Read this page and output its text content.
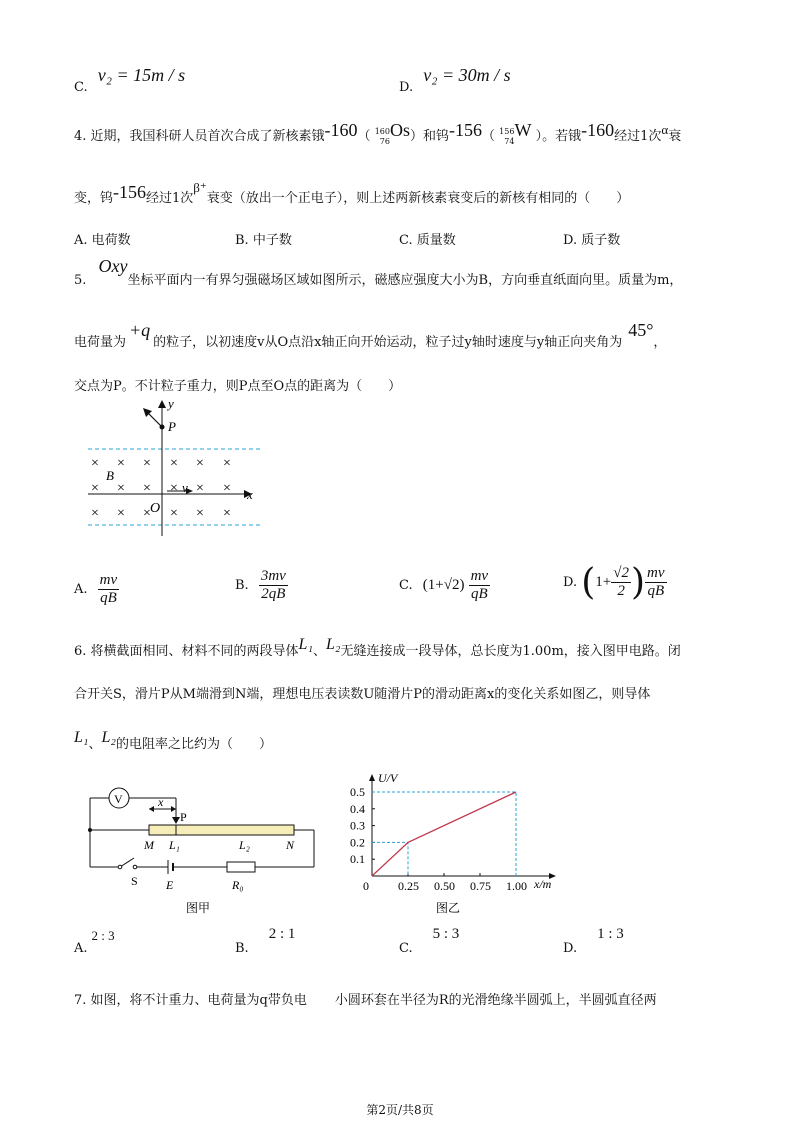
C. v₂ = 15m / s
D. v₂ = 30m / s
4. 近期，我国科研人员首次合成了新核素锇-160（ 160
76
Os）和钨-156（ 156
74
W ）。若锇-160经过1次α衰
变，钨-156经过1次β⁺衰变（放出一个正电子），则上述两新核素衰变后的新核有相同的（　　）
A. 电荷数	B. 中子数	C. 质量数	D. 质子数
5. Oxy坐标平面内一有界匀强磁场区域如图所示，磁感应强度大小为B，方向垂直纸面向里。质量为m，
电荷量为+q的粒子，以初速度v从O点沿x轴正向开始运动，粒子过y轴时速度与y轴正向夹角为45°，
交点为P。不计粒子重力，则P点至O点的距离为（　　）
× × × × × ×
× × × × × ×
× × × × × ×
y
P
B
v
O
x
A. $\frac{mv}{qB}$	B. $\frac{3mv}{2qB}$	C. $(1+√2) \frac{mv}{qB}$	D. ($1+ \frac{√2}{2}$ ) $\frac{mv}{qB}$
6. 将横截面相同、材料不同的两段导体L₁、L₂无缝连接成一段导体，总长度为1.00m，接入图甲电路。闭
合开关S，滑片P从M端滑到N端，理想电压表读数U随滑片P的滑动距离x的变化关系如图乙，则导体
L₁、L₂的电阻率之比约为（　　）
V	x
P
M L₁	L₂	N
S E	R₀
图甲
0 0.25 0.50 0.75 1.00
0.1
0.2
0.3
0.4
0.5
U/V
x/m
图乙
A.2 : 3
B.2 : 1
C.5 : 3
D.1 : 3
7. 如图，将不计重力、电荷量为q带负电 小圆环套在半径为R的光滑绝缘半圆弧上，半圆弧直径两
第2页/共8页
